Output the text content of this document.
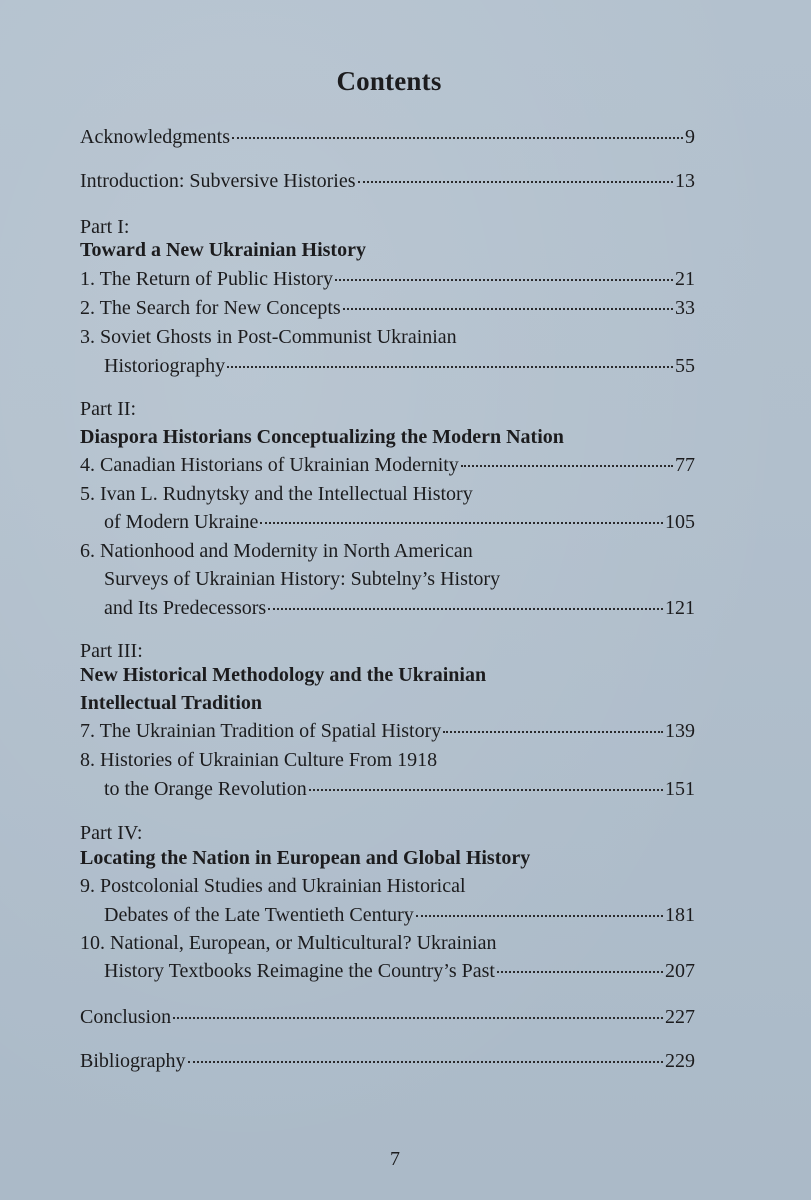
Contents
Acknowledgments	9
Introduction: Subversive Histories	13
Part I:
Toward a New Ukrainian History
1. The Return of Public History	21
2. The Search for New Concepts	33
3. Soviet Ghosts in Post-Communist Ukrainian
Historiography	55
Part II:
Diaspora Historians Conceptualizing the Modern Nation
4. Canadian Historians of Ukrainian Modernity	77
5. Ivan L. Rudnytsky and the Intellectual History
of Modern Ukraine	105
6. Nationhood and Modernity in North American
Surveys of Ukrainian History: Subtelny’s History
and Its Predecessors	121
Part III:
New Historical Methodology and the Ukrainian
Intellectual Tradition
7. The Ukrainian Tradition of Spatial History	139
8. Histories of Ukrainian Culture From 1918
to the Orange Revolution	151
Part IV:
Locating the Nation in European and Global History
9. Postcolonial Studies and Ukrainian Historical
Debates of the Late Twentieth Century	181
10. National, European, or Multicultural? Ukrainian
History Textbooks Reimagine the Country’s Past	207
Conclusion	227
Bibliography	229
7
